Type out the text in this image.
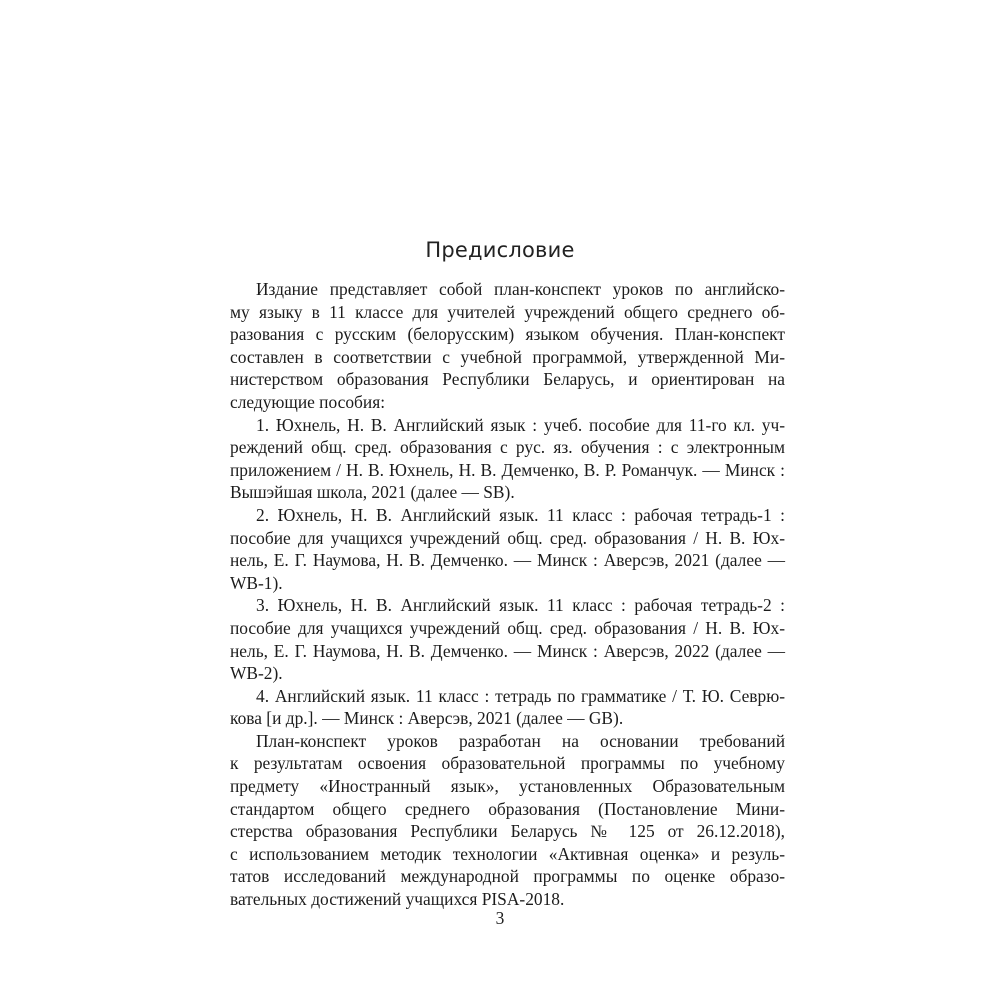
Предисловие
Издание представляет собой план-конспект уроков по английско-
му языку в 11 классе для учителей учреждений общего среднего об-
разования с русским (белорусским) языком обучения. План-конспект
составлен в соответствии с учебной программой, утвержденной Ми-
нистерством образования Республики Беларусь, и ориентирован на
следующие пособия:
1. Юхнель, Н. В. Английский язык : учеб. пособие для 11-го кл. уч-
реждений общ. сред. образования с рус. яз. обучения : с электронным
приложением / Н. В. Юхнель, Н. В. Демченко, В. Р. Романчук. — Минск :
Вышэйшая школа, 2021 (далее — SB).
2. Юхнель, Н. В. Английский язык. 11 класс : рабочая тетрадь-1 :
пособие для учащихся учреждений общ. сред. образования / Н. В. Юх-
нель, Е. Г. Наумова, Н. В. Демченко. — Минск : Аверсэв, 2021 (далее —
WB-1).
3. Юхнель, Н. В. Английский язык. 11 класс : рабочая тетрадь-2 :
пособие для учащихся учреждений общ. сред. образования / Н. В. Юх-
нель, Е. Г. Наумова, Н. В. Демченко. — Минск : Аверсэв, 2022 (далее —
WB-2).
4. Английский язык. 11 класс : тетрадь по грамматике / Т. Ю. Севрю-
кова [и др.]. — Минск : Аверсэв, 2021 (далее — GB).
План-конспект уроков разработан на основании требований
к результатам освоения образовательной программы по учебному
предмету «Иностранный язык», установленных Образовательным
стандартом общего среднего образования (Постановление Мини-
стерства образования Республики Беларусь № 125 от 26.12.2018),
с использованием методик технологии «Активная оценка» и резуль-
татов исследований международной программы по оценке образо-
вательных достижений учащихся PISA-2018.
3
